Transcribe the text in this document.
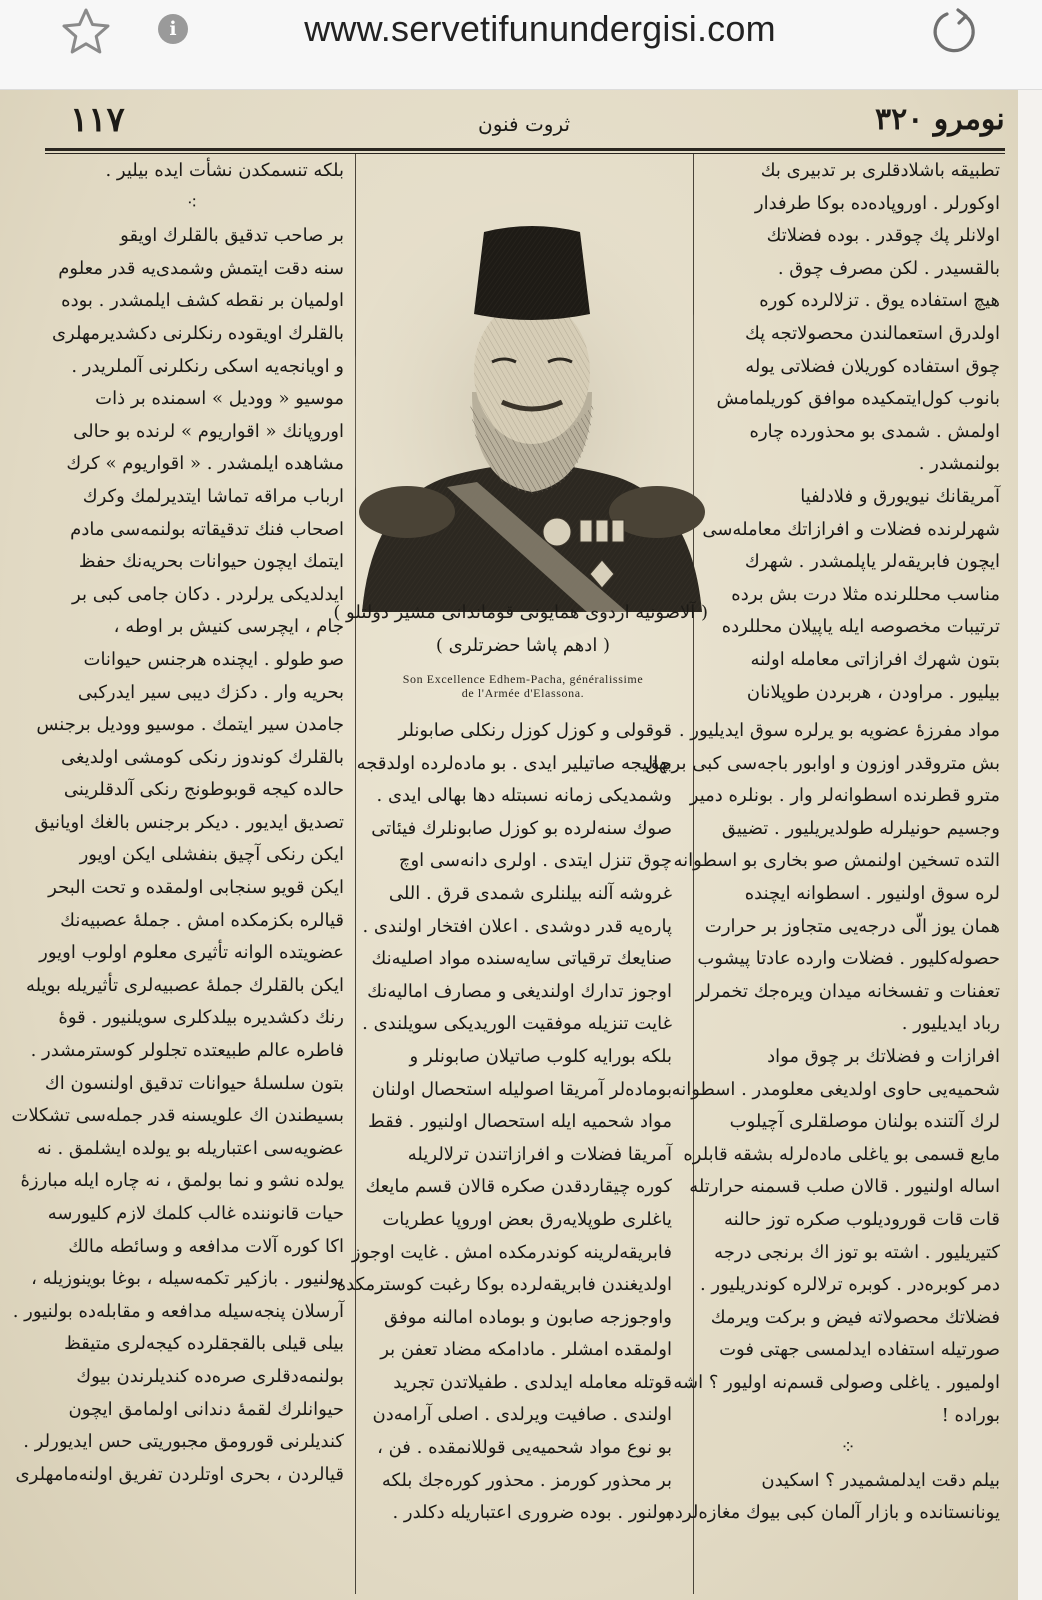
i	www.servetifunundergisi.com
نومرو ۳۲۰
ثروت فنون
۱۱۷

تطبیقه باشلادقلری بر تدبیری بك

اوکورلر . اوروپاده‌ده بوکا طرفدار

اولانلر پك چوقدر . بوده فضلاتك

بالقسیدر . لکن مصرف چوق .

هیچ استفاده یوق . تزلالرده‌ کوره

اولدرق استعمالندن محصولاتجه پك

چوق استفاده کوریلان فضلاتی یوله

بانوب کول‌ایتمکیده موافق کوریلمامش

اولمش . شمدی بو محذورده چاره

بولنمشدر .

آمریقانك نیویورق و فلادلفیا

شهرلرنده فضلات و افرازاتك معامله‌سی

ایچون فابریقه‌لر یاپلمشدر . شهرك

مناسب محللرنده مثلا درت بش برده

ترتیبات مخصوصه ایله یاپیلان محللرده

بتون شهرك افرازاتی معامله اولنه

بیلیور . مراودن ، هربردن طوپلانان

مواد مفرزهٔ عضویه بو یرلره سوق ایدیلیور .

بش متروقدر اوزون و اوابور باجه‌سی کبی برچق

مترو قطرنده اسطوانه‌لر وار . بونلره دمیر

وجسیم حونیلرله طولدیریلیور . تضییق

التده تسخین اولنمش صو بخاری بو اسطوانه

لره سوق اولنیور . اسطوانه ایچنده

همان یوز الّی درجه‌یی متجاوز بر حرارت

حصوله‌کلیور . فضلات وارده عادتا پیشوب

تعفنات و تفسخانه میدان ویره‌جك تخمرلر

رباد ایدیلیور .

افرازات و فضلاتك بر چوق مواد

شحمیه‌یی حاوی اولدیغی معلومدر . اسطوانه

لرك آلتنده بولنان موصلقلری آچیلوب

مایع قسمی بو یاغلی ماده‌لرله بشقه قابلره

اساله اولنیور . قالان صلب قسمنه حرارتله

قات قات قورودیلوب صکره توز حالنه

کتیریلیور . اشته بو توز اك برنجی درجه

دمر کوبره‌در . کوبره ترلالره کوندریلیور .

فضلاتك محصولاته فیض و برکت ویرمك

صورتیله استفاده ایدلمسی جهتی فوت

اولمیور . یاغلی وصولی قسم‌نه اولیور ؟ اشه

بوراده !

⁘

بیلم دقت ایدلمشمیدر ؟ اسکیدن

یونانستانده و بازار آلمان کبی بیوك مغازه‌لرده

( آلاصونیه اردوی همایونی قوماندانی مشیر دولتلو )
( ادهم پاشا حضرتلری )
Son Excellence Edhem-Pacha, généralissime
de l'Armée d'Elassona.

قوقولی و کوزل کوزل رنکلی صابونلر

بهالیجه صاتیلیر ایدی . بو ماده‌لرده اولدقجه

وشمدیکی زمانه نسبتله دها بهالی ایدی .

صوك سنه‌لرده بو کوزل صابونلرك فیئاتی

چوق تنزل ایتدی . اولری دانه‌سی اوچ

غروشه آلنه بیلنلری شمدی قرق . اللی

پاره‌یه قدر دوشدی . اعلان افتخار اولندی .

صنایعك ترقیاتی سایه‌سنده مواد اصلیه‌نك

اوجوز تدارك اولندیغی و مصارف امالیه‌نك

غایت تنزیله موفقیت الوریدیکی سویلندی .

بلکه بورایه کلوب صاتیلان صابونلر و

بوماده‌لر آمریقا اصولیله استحصال اولنان

مواد شحمیه ایله استحصال اولنیور . فقط

آمریقا فضلات و افرازاتندن ترلالریله

کوره چیقاردقدن صکره قالان قسم مایعك

یاغلری طوپلایه‌رق بعض اوروپا عطریات

فابریقه‌لرینه کوندرمکده امش . غایت اوجوز

اولدیغندن فابریقه‌لرده بوکا رغبت کوسترمکده

واوجوزجه صابون و بوماده امالنه موفق

اولمقده امشلر . مادامکه مضاد تعفن بر

قوتله معامله ایدلدی . طفیلاتدن تجرید

اولندی . صافیت ویرلدی . اصلی آرامه‌دن

بو نوع مواد شحمیه‌یی قوللانمقده . فن ،

بر محذور کورمز . محذور کوره‌جك بلکه

بولنور . بوده ضروری اعتباریله دکلدر .

بلکه تنسمکدن نشأت ایده بیلیر .

⁖

بر صاحب تدقیق بالقلرك اویقو

سنه دقت ایتمش وشمدی‌یه قدر معلوم

اولمیان بر نقطه کشف ایلمشدر . بوده

بالقلرك اویقوده رنکلرنی دکشدیرمهلری

و اویانجه‌یه اسکی رنکلرنی آلملریدر .

موسیو « وودیل » اسمنده بر ذات

اوروپانك « اقواریوم » لرنده بو حالی

مشاهده ایلمشدر . « اقواریوم » کرك

ارباب مراقه تماشا ایتدیرلمك وکرك

اصحاب فنك تدقیقاته بولنمه‌سی مادم

ایتمك ایچون حیوانات بحریه‌نك حفظ

ایدلدیکی یرلردر . دکان جامی کبی بر

جام ، ایچرسی کنیش بر اوطه ،

صو طولو . ایچنده هرجنس حیوانات

بحریه وار . دکزك دیبی سیر ایدرکبی

جامدن سیر ایتمك . موسیو وودیل برجنس

بالقلرك کوندوز رنکی کومشی اولدیغی

حالده کیجه قوبوطونج رنکی آلدقلرینی

تصدیق ایدیور . دیکر برجنس بالغك اویانیق

ایکن رنکی آچیق بنفشلی ایکن اویور

ایکن قویو سنجابی اولمقده و تحت البحر

قیالره بکزمکده امش . جملهٔ عصبیه‌نك

عضویتده الوانه تأثیری معلوم اولوب اویور

ایکن بالقلرك جملهٔ عصبیه‌لری تأثیریله بویله

رنك دکشدیره بیلدکلری سویلنیور . قوهٔ

فاطره عالم طبیعتده تجلولر کوسترمشدر .

بتون سلسلهٔ حیوانات تدقیق اولنسون اك

بسیطندن اك علویسنه قدر جمله‌سی تشکلات

عضویه‌سی اعتباریله بو یولده ایشلمق . نه

یولده نشو و نما بولمق ، نه چاره ایله مبارزهٔ

حیات قانوننده غالب کلمك لازم کلیورسه

اکا کوره آلات مدافعه و وسائطه مالك

بولنیور . بازکیر تکمه‌سیله ، بوغا بوینوزیله ،

آرسلان پنجه‌سیله مدافعه و مقابله‌ده بولنیور .

بیلی قیلی بالقجقلرده کیجه‌لری متیقظ

بولنمه‌دقلری صره‌ده کندیلرندن بیوك

حیوانلرك لقمهٔ دندانی اولمامق ایچون

کندیلرنی قورومق مجبوریتی حس ایدیورلر .

قیالردن ، بحری اوتلردن تفریق اولنه‌مامهلری
